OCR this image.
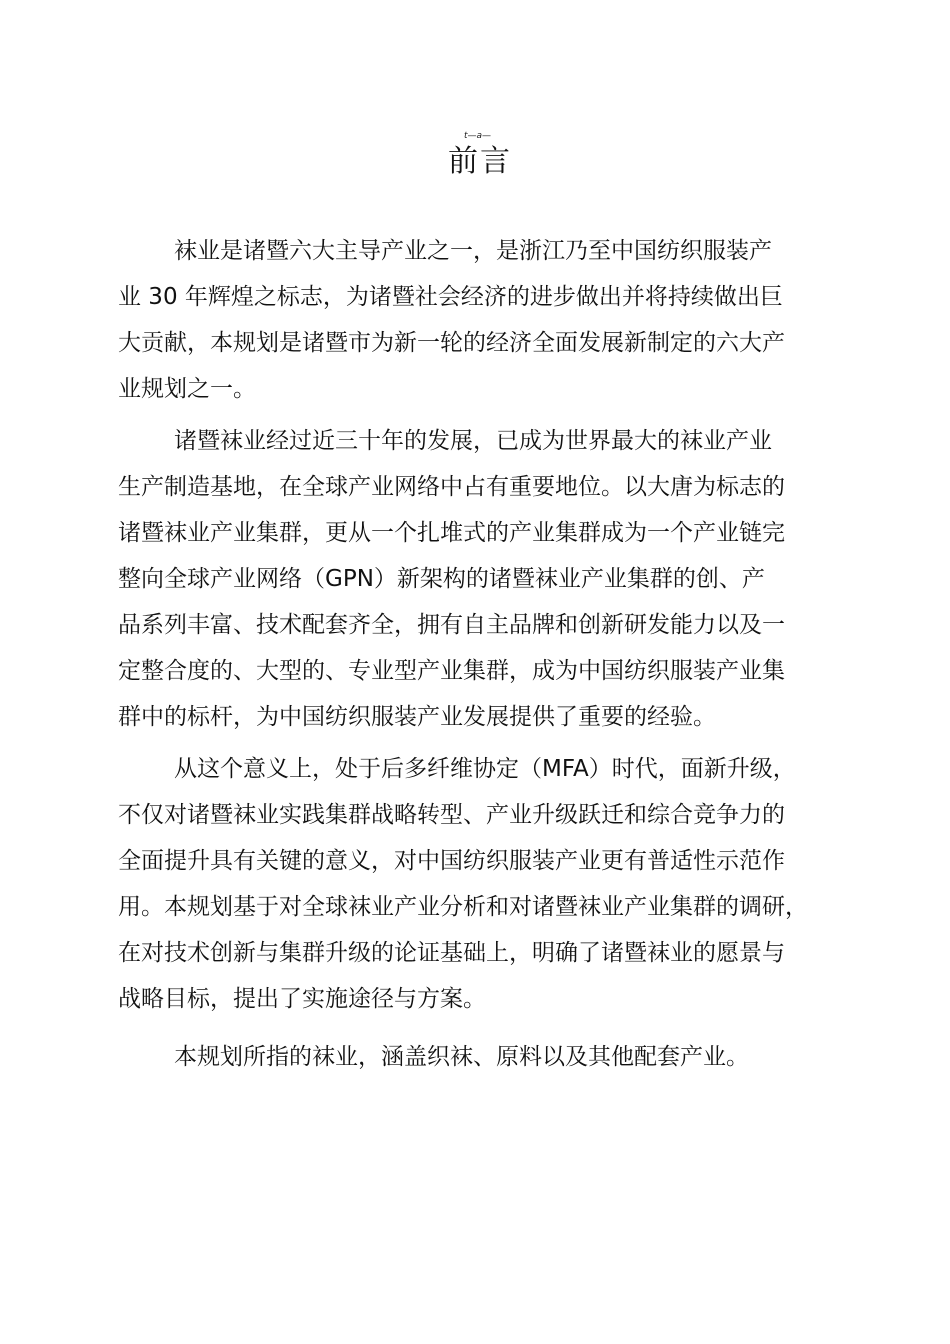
t—a—
前言
袜业是诸暨六大主导产业之一，是浙江乃至中国纺织服装产
业 30 年辉煌之标志，为诸暨社会经济的进步做出并将持续做出巨
大贡献，本规划是诸暨市为新一轮的经济全面发展新制定的六大产
业规划之一。
诸暨袜业经过近三十年的发展，已成为世界最大的袜业产业
生产制造基地，在全球产业网络中占有重要地位。以大唐为标志的
诸暨袜业产业集群，更从一个扎堆式的产业集群成为一个产业链完
整向全球产业网络（GPN）新架构的诸暨袜业产业集群的创、产
品系列丰富、技术配套齐全，拥有自主品牌和创新研发能力以及一
定整合度的、大型的、专业型产业集群，成为中国纺织服装产业集
群中的标杆，为中国纺织服装产业发展提供了重要的经验。
从这个意义上，处于后多纤维协定（MFA）时代，面新升级，
不仅对诸暨袜业实践集群战略转型、产业升级跃迁和综合竞争力的
全面提升具有关键的意义，对中国纺织服装产业更有普适性示范作
用。本规划基于对全球袜业产业分析和对诸暨袜业产业集群的调研，
在对技术创新与集群升级的论证基础上，明确了诸暨袜业的愿景与
战略目标，提出了实施途径与方案。
本规划所指的袜业，涵盖织袜、原料以及其他配套产业。
